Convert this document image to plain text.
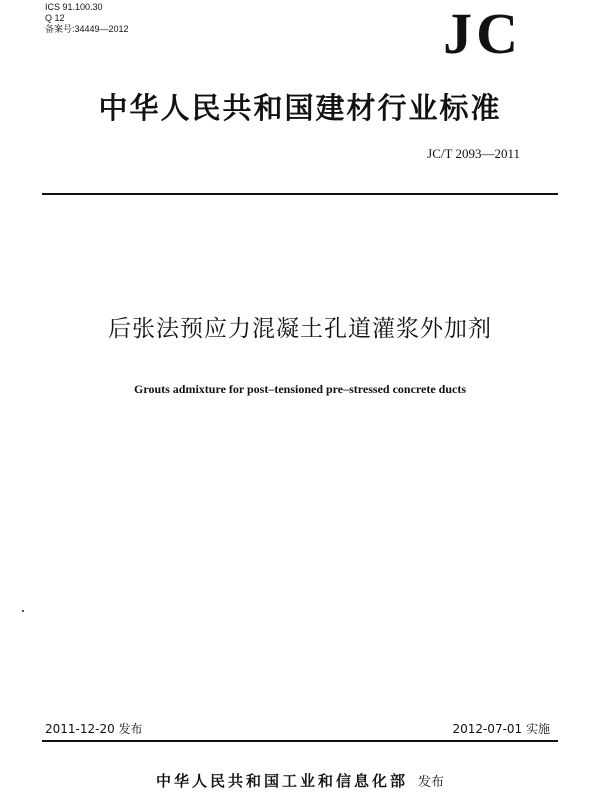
ICS 91.100.30
Q 12
备案号:34449—2012	JC
中华人民共和国建材行业标准
JC/T 2093—2011
后张法预应力混凝土孔道灌浆外加剂
Grouts admixture for post–tensioned pre–stressed concrete ducts
2011-12-20 发布	2012-07-01 实施
中华人民共和国工业和信息化部 发布
